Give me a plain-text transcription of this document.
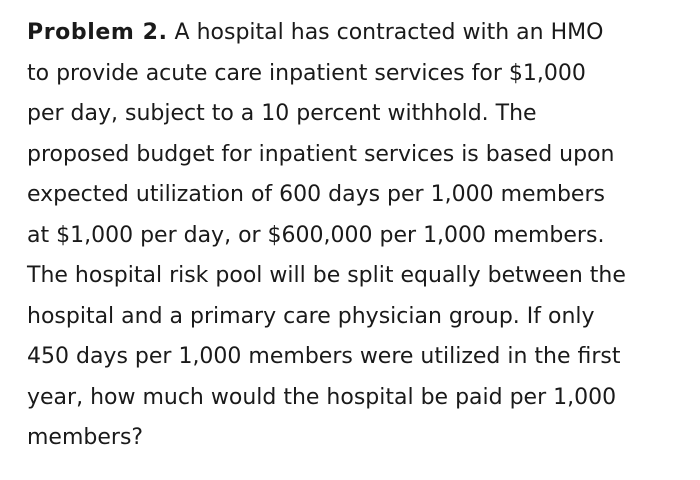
Problem 2. A hospital has contracted with an HMO
to provide acute care inpatient services for $1,000
per day, subject to a 10 percent withhold. The
proposed budget for inpatient services is based upon
expected utilization of 600 days per 1,000 members
at $1,000 per day, or $600,000 per 1,000 members.
The hospital risk pool will be split equally between the
hospital and a primary care physician group. If only
450 days per 1,000 members were utilized in the first
year, how much would the hospital be paid per 1,000
members?
